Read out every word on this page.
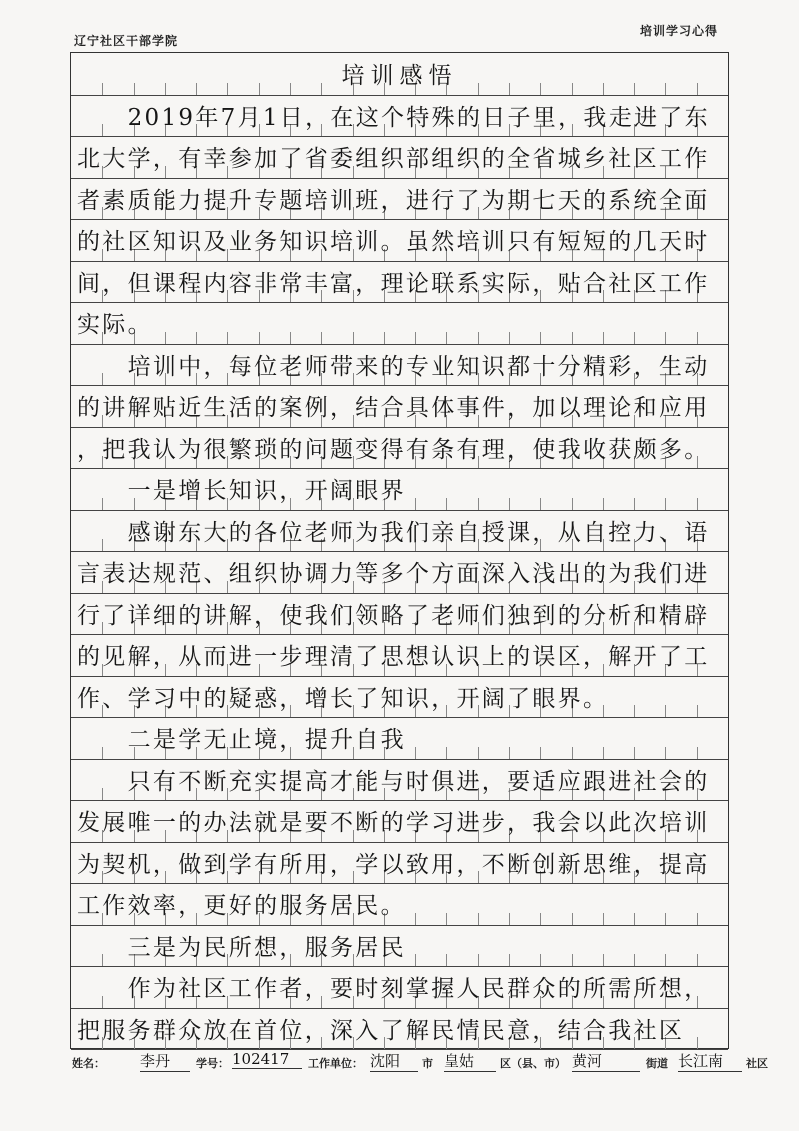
辽宁社区干部学院
培训学习心得
培训感悟
　　2019年7月1日，在这个特殊的日子里，我走进了东
北大学，有幸参加了省委组织部组织的全省城乡社区工作
者素质能力提升专题培训班，进行了为期七天的系统全面
的社区知识及业务知识培训。虽然培训只有短短的几天时
间，但课程内容非常丰富，理论联系实际，贴合社区工作
实际。
　　培训中，每位老师带来的专业知识都十分精彩，生动
的讲解贴近生活的案例，结合具体事件，加以理论和应用
，把我认为很繁琐的问题变得有条有理，使我收获颇多。
　　一是增长知识，开阔眼界
　　感谢东大的各位老师为我们亲自授课，从自控力、语
言表达规范、组织协调力等多个方面深入浅出的为我们进
行了详细的讲解，使我们领略了老师们独到的分析和精辟
的见解，从而进一步理清了思想认识上的误区，解开了工
作、学习中的疑惑，增长了知识，开阔了眼界。
　　二是学无止境，提升自我
　　只有不断充实提高才能与时俱进，要适应跟进社会的
发展唯一的办法就是要不断的学习进步，我会以此次培训
为契机，做到学有所用，学以致用，不断创新思维，提高
工作效率，更好的服务居民。
　　三是为民所想，服务居民
　　作为社区工作者，要时刻掌握人民群众的所需所想，
把服务群众放在首位，深入了解民情民意，结合我社区
姓名： 李丹	学号： 102417	工作单位： 沈阳	市 皇姑	区（县、市） 黄河	街道 长江南	社区
